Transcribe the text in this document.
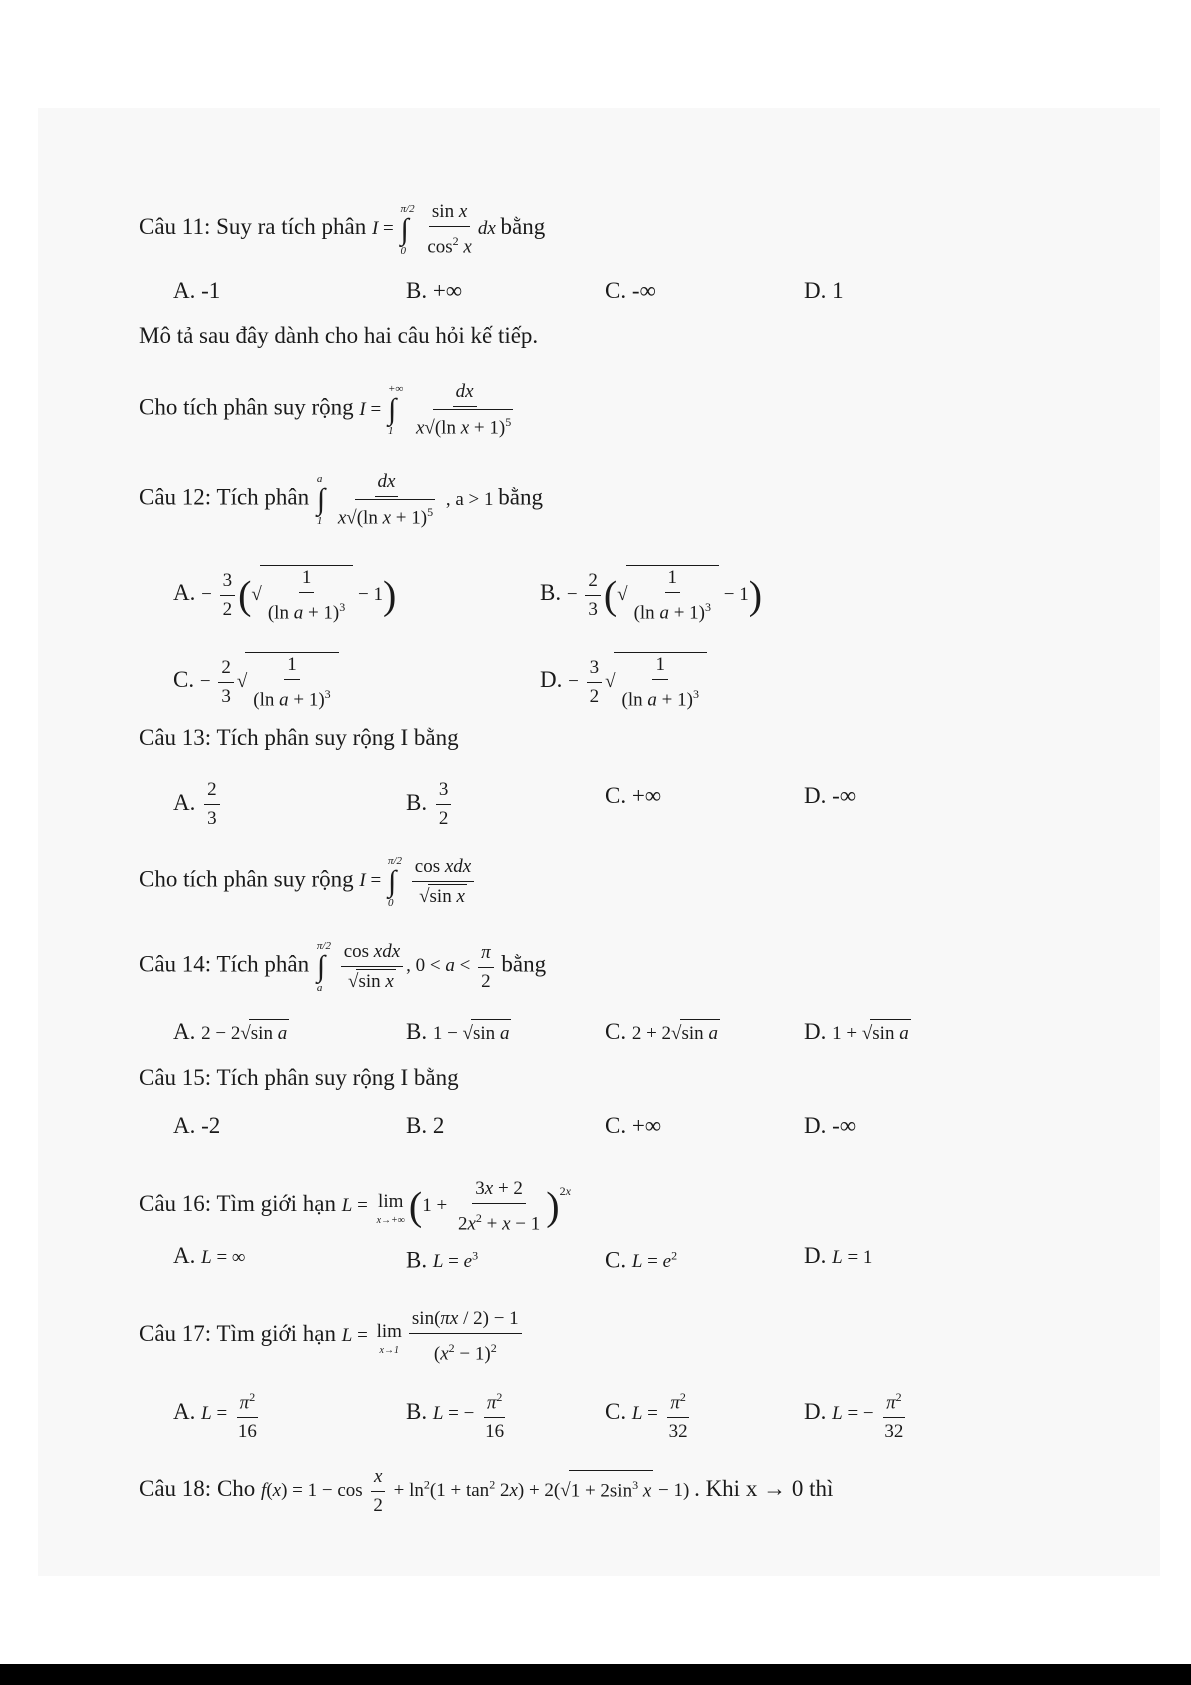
Câu 11: Suy ra tích phân I =
π/2
∫
0
$\frac{\text{sin x}}{\cos^2 x}$ dx bằng
A. -1	B. +∞	C. -∞	D. 1
Mô tả sau đây dành cho hai câu hỏi kế tiếp.
Cho tích phân suy rộng I =
+∞
∫
1
$\frac{dx}{x√(\ln x + 1)^5}$
Câu 12: Tích phân
a
∫
1
$\frac{dx}{x√(\ln x + 1)^5}$ , a > 1 bằng
A. − $\frac{3}{2}$ (√ $\frac{1}{(\ln a + 1)^3} - 1$)	B. − $\frac{2}{3}$ (√ $\frac{1}{(\ln a + 1)^3} - 1$)
C. − $\frac{2}{3}$ √ $\frac{1}{(\ln a + 1)^3}$	D. − $\frac{3}{2}$ √ $\frac{1}{(\ln a + 1)^3}$
Câu 13: Tích phân suy rộng I bằng
A. $\frac{2}{3}$	B. $\frac{3}{2}$	C. +∞	D. -∞
Cho tích phân suy rộng I =
π/2
∫
0

cos xdx
√sin x
Câu 14: Tích phân
π/2
∫
a

cos xdx
√sin x
, $0 < a < \frac{\pi}{2}$ bằng
A. 2 − 2√sin a	B. 1 − √sin a	C. 2 + 2√sin a	D. 1 + √sin a
Câu 15: Tích phân suy rộng I bằng
A. -2	B. 2	C. +∞	D. -∞
Câu 16: Tìm giới hạn L = lim
x→+∞ $(1 + \frac{3x + 2}{2x^2 + x - 1} )^{2x}$
A. L = ∞	B. $L = e^3$	C. $L = e^2$	D. L = 1
Câu 17: Tìm giới hạn L = lim
$x\to 1 \frac{\sin(\pi x / 2) - 1}{(x^2 - 1)^2}$
A. $L = \frac{\pi^2}{16}$	B. L = − $\frac{\pi^2}{16}$	C. $L = \frac{\pi^2}{32}$	D. L = − $\frac{\pi^2}{32}$
Câu 18: Cho $f(x) = 1 - \cos \frac{x}{2} + \ln^2(1 + \tan^2 2x) + 2(√1 + 2\sin^3$ x − 1) . Khi x → 0 thì
